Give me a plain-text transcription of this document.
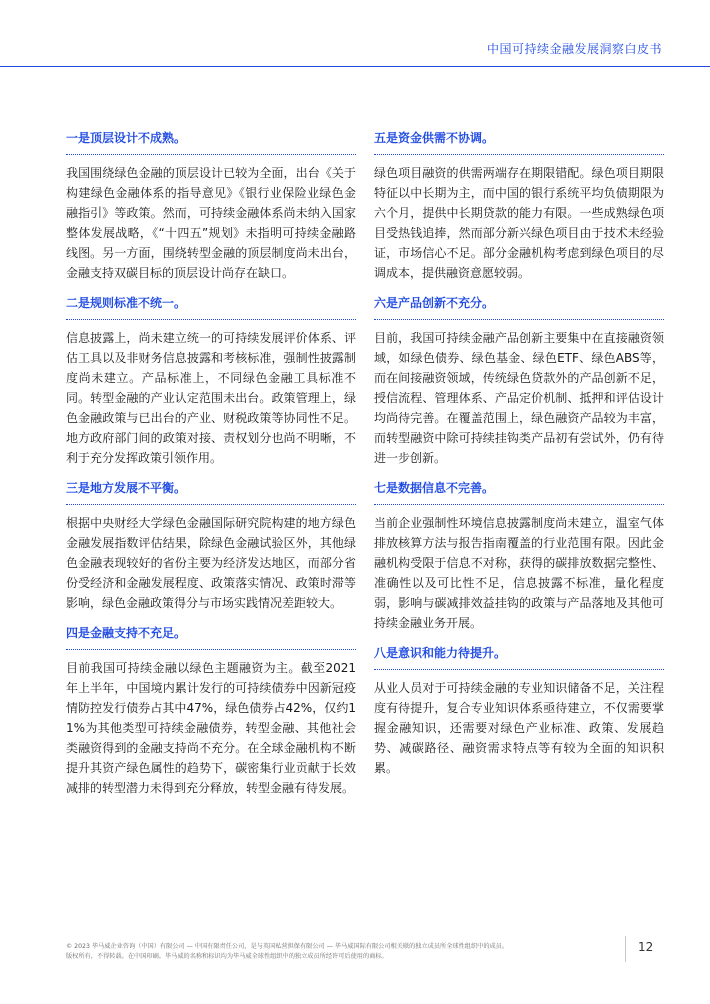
中国可持续金融发展洞察白皮书
一是顶层设计不成熟。

我国围绕绿色金融的顶层设计已较为全面，出台《关于构建绿色金融体系的指导意见》《银行业保险业绿色金融指引》等政策。然而，可持续金融体系尚未纳入国家整体发展战略，《“十四五”规划》未指明可持续金融路线图。另一方面，围绕转型金融的顶层制度尚未出台，金融支持双碳目标的顶层设计尚存在缺口。

二是规则标准不统一。

信息披露上，尚未建立统一的可持续发展评价体系、评估工具以及非财务信息披露和考核标准，强制性披露制度尚未建立。产品标准上，不同绿色金融工具标准不同。转型金融的产业认定范围未出台。政策管理上，绿色金融政策与已出台的产业、财税政策等协同性不足。地方政府部门间的政策对接、责权划分也尚不明晰，不利于充分发挥政策引领作用。

三是地方发展不平衡。

根据中央财经大学绿色金融国际研究院构建的地方绿色金融发展指数评估结果，除绿色金融试验区外，其他绿色金融表现较好的省份主要为经济发达地区，而部分省份受经济和金融发展程度、政策落实情况、政策时滞等影响，绿色金融政策得分与市场实践情况差距较大。

四是金融支持不充足。

目前我国可持续金融以绿色主题融资为主。截至2021年上半年，中国境内累计发行的可持续债券中因新冠疫情防控发行债券占其中47%，绿色债券占42%，仅约11%为其他类型可持续金融债券，转型金融、其他社会类融资得到的金融支持尚不充分。在全球金融机构不断提升其资产绿色属性的趋势下，碳密集行业贡献于长效减排的转型潜力未得到充分释放，转型金融有待发展。

五是资金供需不协调。

绿色项目融资的供需两端存在期限错配。绿色项目期限特征以中长期为主，而中国的银行系统平均负债期限为六个月，提供中长期贷款的能力有限。一些成熟绿色项目受热钱追捧，然而部分新兴绿色项目由于技术未经验证，市场信心不足。部分金融机构考虑到绿色项目的尽调成本，提供融资意愿较弱。

六是产品创新不充分。

目前，我国可持续金融产品创新主要集中在直接融资领域，如绿色债券、绿色基金、绿色ETF、绿色ABS等，而在间接融资领域，传统绿色贷款外的产品创新不足，授信流程、管理体系、产品定价机制、抵押和评估设计均尚待完善。在覆盖范围上，绿色融资产品较为丰富，而转型融资中除可持续挂钩类产品初有尝试外，仍有待进一步创新。

七是数据信息不完善。

当前企业强制性环境信息披露制度尚未建立，温室气体排放核算方法与报告指南覆盖的行业范围有限。因此金融机构受限于信息不对称，获得的碳排放数据完整性、准确性以及可比性不足，信息披露不标准，量化程度弱，影响与碳减排效益挂钩的政策与产品落地及其他可持续金融业务开展。

八是意识和能力待提升。

从业人员对于可持续金融的专业知识储备不足，关注程度有待提升，复合专业知识体系亟待建立，不仅需要掌握金融知识，还需要对绿色产业标准、政策、发展趋势、减碳路径、融资需求特点等有较为全面的知识积累。

© 2023 毕马威企业咨询（中国）有限公司 — 中国有限责任公司，是与英国私营担保有限公司 — 毕马威国际有限公司相关联的独立成员所全球性组织中的成员。
版权所有，不得转载。在中国印刷。毕马威的名称和标识均为毕马威全球性组织中的独立成员所经许可后使用的商标。
12
